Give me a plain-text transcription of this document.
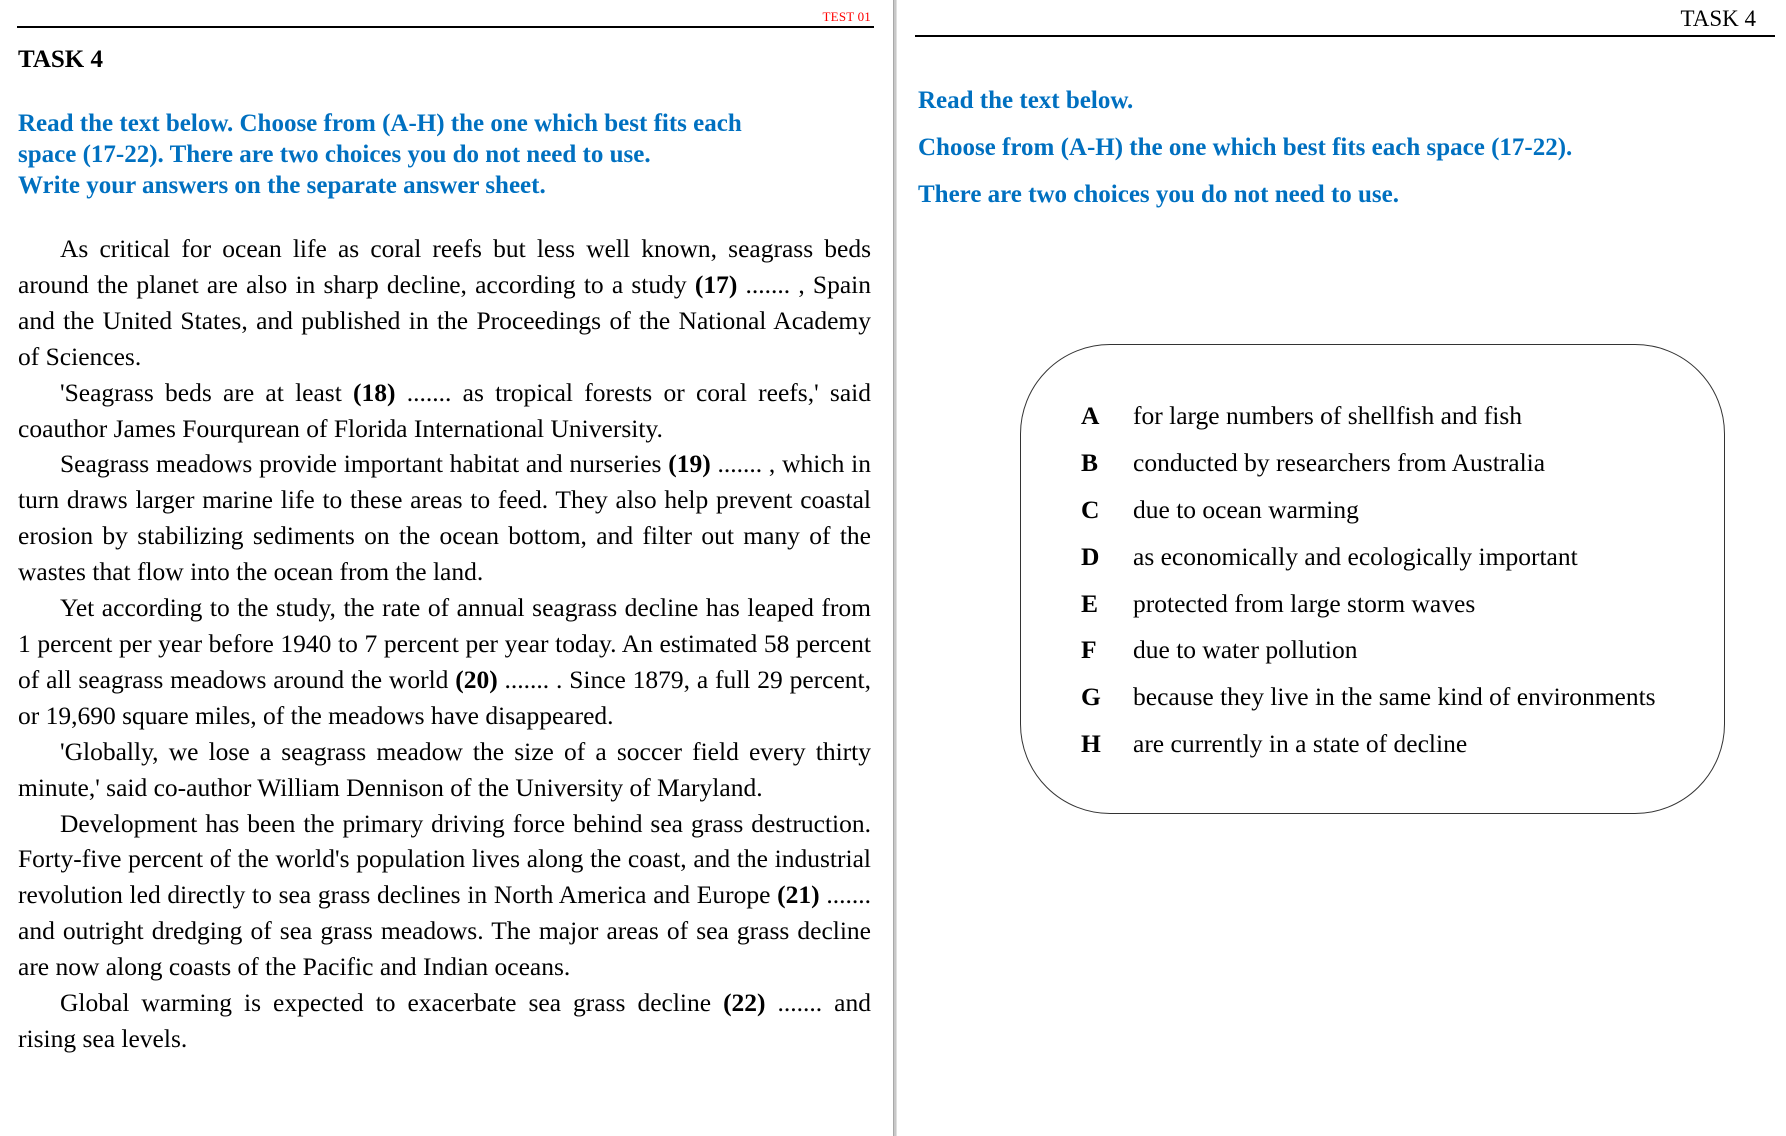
TEST 01
TASK 4
Read the text below. Choose from (A-H) the one which best fits each
space (17-22). There are two choices you do not need to use.
Write your answers on the separate answer sheet.

As critical for ocean life as coral reefs but less well known, seagrass beds around the planet are also in sharp decline, according to a study (17) ....... , Spain and the United States, and published in the Proceedings of the National Academy of Sciences.

'Seagrass beds are at least (18) ....... as tropical forests or coral reefs,' said coauthor James Fourqurean of Florida International University.

Seagrass meadows provide important habitat and nurseries (19) ....... , which in turn draws larger marine life to these areas to feed. They also help prevent coastal erosion by stabilizing sediments on the ocean bottom, and filter out many of the wastes that flow into the ocean from the land.

Yet according to the study, the rate of annual seagrass decline has leaped from 1 percent per year before 1940 to 7 percent per year today. An estimated 58 percent of all seagrass meadows around the world (20) ....... . Since 1879, a full 29 percent, or 19,690 square miles, of the meadows have disappeared.

'Globally, we lose a seagrass meadow the size of a soccer field every thirty minute,' said co-author William Dennison of the University of Maryland.

Development has been the primary driving force behind sea grass destruction. Forty-five percent of the world's population lives along the coast, and the industrial revolution led directly to sea grass declines in North America and Europe (21) ....... and outright dredging of sea grass meadows. The major areas of sea grass decline are now along coasts of the Pacific and Indian oceans.

Global warming is expected to exacerbate sea grass decline (22) ....... and rising sea levels.

TASK 4
Read the text below.
Choose from (A-H) the one which best fits each space (17-22).
There are two choices you do not need to use.
A	for large numbers of shellfish and fish
B	conducted by researchers from Australia
C	due to ocean warming
D	as economically and ecologically important
E	protected from large storm waves
F	due to water pollution
G	because they live in the same kind of environments
H	are currently in a state of decline
